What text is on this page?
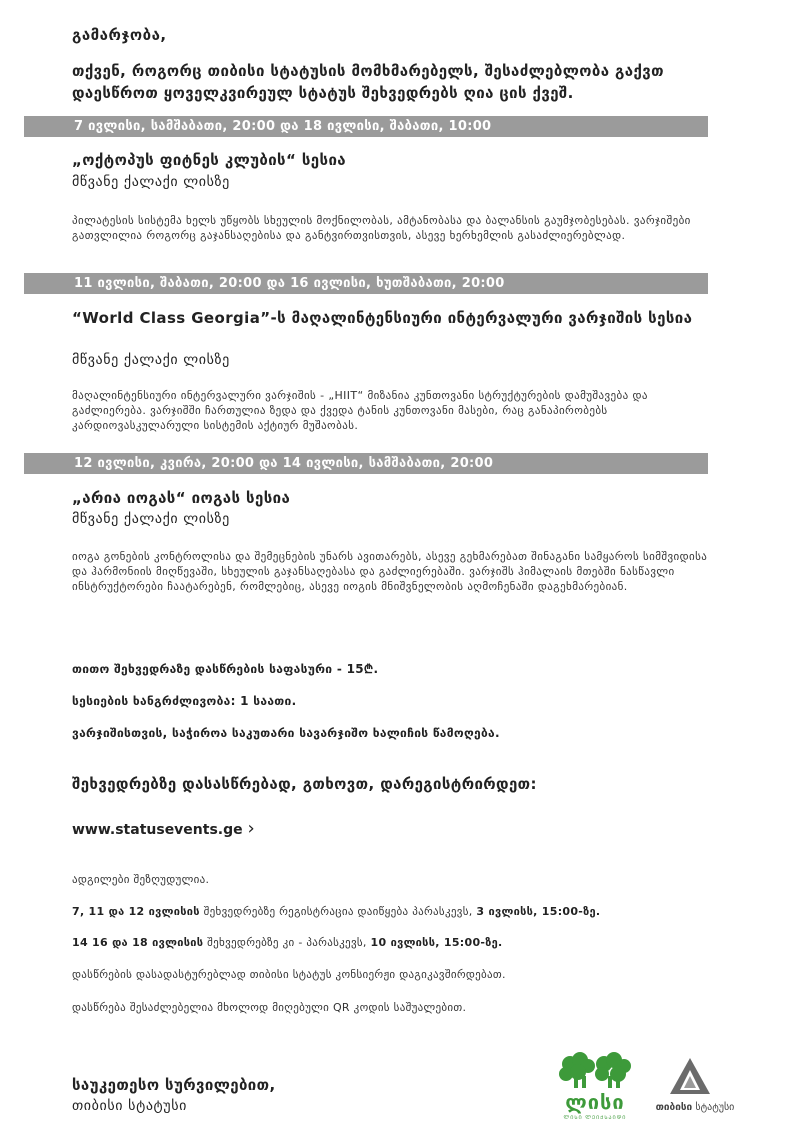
გამარჯობა,
თქვენ, როგორც თიბისი სტატუსის მომხმარებელს, შესაძლებლობა გაქვთ დაესწროთ ყოველკვირეულ სტატუს შეხვედრებს ღია ცის ქვეშ.
7 ივლისი, სამშაბათი, 20:00 და 18 ივლისი, შაბათი, 10:00
„ოქტოპუს ფიტნეს კლუბის“ სესია
მწვანე ქალაქი ლისზე
პილატესის სისტემა ხელს უწყობს სხეულის მოქნილობას, ამტანობასა და ბალანსის გაუმჯობესებას. ვარჯიშები გათვლილია როგორც გაჯანსაღებისა და განტვირთვისთვის, ასევე ხერხემლის გასაძლიერებლად.
11 ივლისი, შაბათი, 20:00 და 16 ივლისი, ხუთშაბათი, 20:00
“World Class Georgia”-ს მაღალინტენსიური ინტერვალური ვარჯიშის სესია
მწვანე ქალაქი ლისზე
მაღალინტენსიური ინტერვალური ვარჯიშის - „HIIT“ მიზანია კუნთოვანი სტრუქტურების დამუშავება და გაძლიერება. ვარჯიშში ჩართულია ზედა და ქვედა ტანის კუნთოვანი მასები, რაც განაპირობებს კარდიოვასკულარული სისტემის აქტიურ მუშაობას.
12 ივლისი, კვირა, 20:00 და 14 ივლისი, სამშაბათი, 20:00
„არია იოგას“ იოგას სესია
მწვანე ქალაქი ლისზე
იოგა გონების კონტროლისა და შემეცნების უნარს ავითარებს, ასევე გეხმარებათ შინაგანი სამყაროს სიმშვიდისა და ჰარმონიის მიღწევაში, სხეულის გაჯანსაღებასა და გაძლიერებაში. ვარჯიშს ჰიმალაის მთებში ნასწავლი ინსტრუქტორები ჩაატარებენ, რომლებიც, ასევე იოგის მნიშვნელობის აღმოჩენაში დაგეხმარებიან.
თითო შეხვედრაზე დასწრების საფასური - 15₾.
სესიების ხანგრძლივობა: 1 საათი.
ვარჯიშისთვის, საჭიროა საკუთარი სავარჯიშო ხალიჩის წამოღება.
შეხვედრებზე დასასწრებად, გთხოვთ, დარეგისტრირდეთ:
www.statusevents.ge ›
ადგილები შეზღუდულია.
7, 11 და 12 ივლისის შეხვედრებზე რეგისტრაცია დაიწყება პარასკევს, 3 ივლისს, 15:00-ზე.
14 16 და 18 ივლისის შეხვედრებზე კი - პარასკევს, 10 ივლისს, 15:00-ზე.
დასწრების დასადასტურებლად თიბისი სტატუს კონსიერჟი დაგიკავშირდებათ.
დასწრება შესაძლებელია მხოლოდ მიღებული QR კოდის საშუალებით.
საუკეთესო სურვილებით,
თიბისი სტატუსი	ლისი
ᲚᲘᲡᲘ ᲚᲔᲘᲥᲡᲐᲘᲓᲘ
თიბისი სტატუსი
